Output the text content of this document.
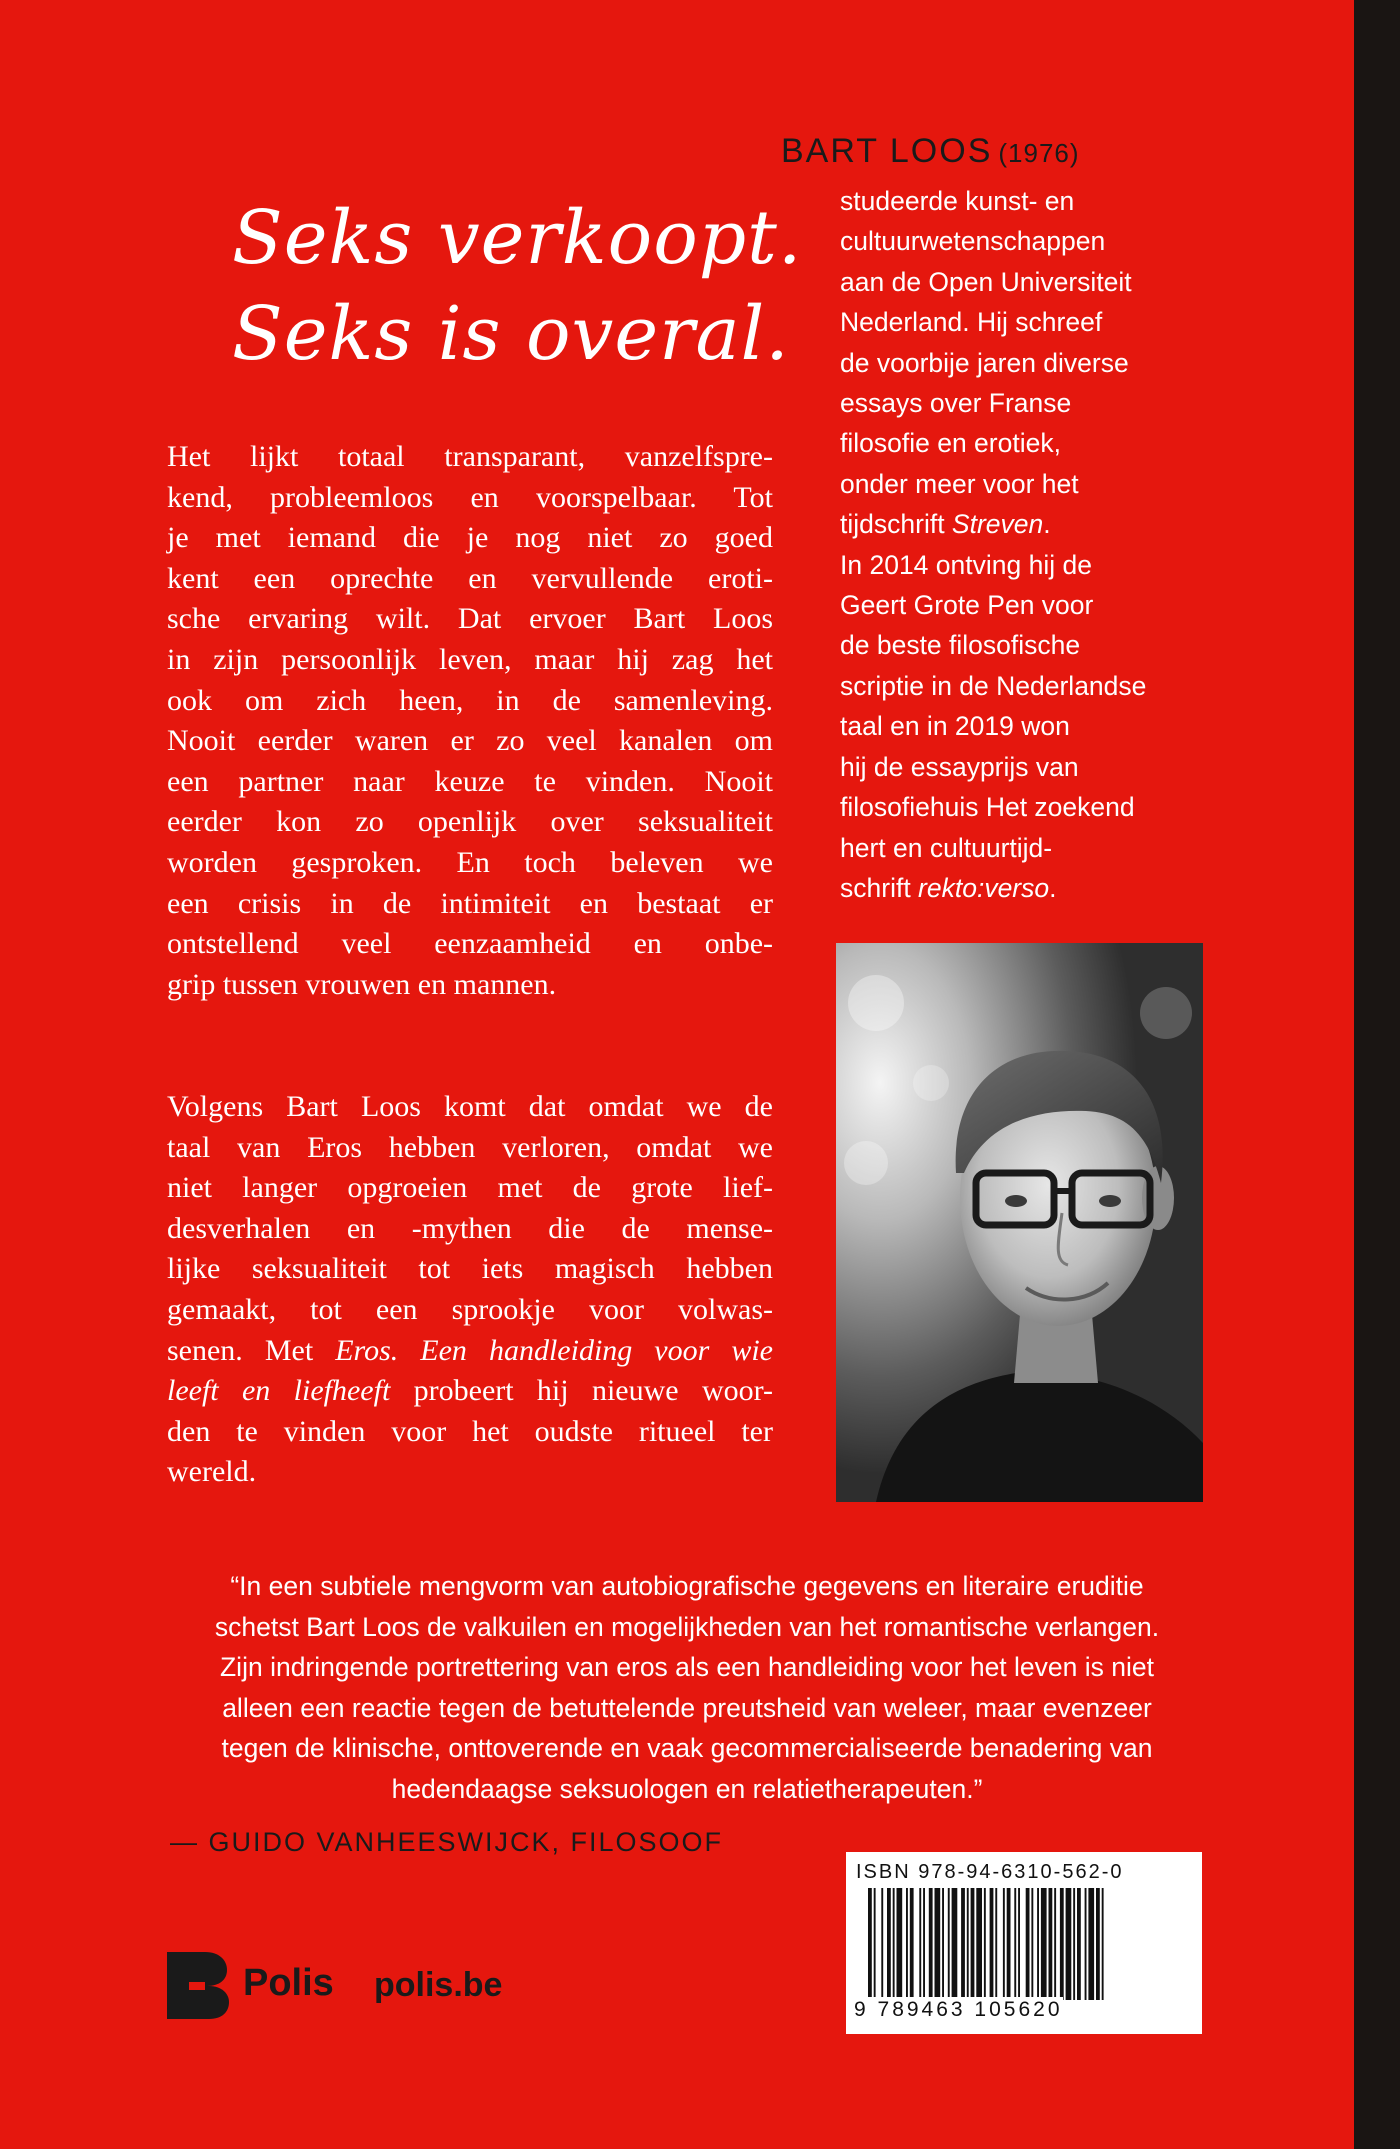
Seks verkoopt.
Seks is overal.
BART LOOS (1976)
studeerde kunst- en
cultuurwetenschappen
aan de Open Universiteit
Nederland. Hij schreef
de voorbije jaren diverse
essays over Franse
filosofie en erotiek,
onder meer voor het
tijdschrift Streven.
In 2014 ontving hij de
Geert Grote Pen voor
de beste filosofische
scriptie in de Nederlandse
taal en in 2019 won
hij de essayprijs van
filosofiehuis Het zoekend
hert en cultuurtijd-
schrift rekto:verso.
Het lijkt totaal transparant, vanzelfspre-
kend, probleemloos en voorspelbaar. Tot
je met iemand die je nog niet zo goed
kent een oprechte en vervullende eroti-
sche ervaring wilt. Dat ervoer Bart Loos
in zijn persoonlijk leven, maar hij zag het
ook om zich heen, in de samenleving.
Nooit eerder waren er zo veel kanalen om
een partner naar keuze te vinden. Nooit
eerder kon zo openlijk over seksualiteit
worden gesproken. En toch beleven we
een crisis in de intimiteit en bestaat er
ontstellend veel eenzaamheid en onbe-
grip tussen vrouwen en mannen.
Volgens Bart Loos komt dat omdat we de
taal van Eros hebben verloren, omdat we
niet langer opgroeien met de grote lief-
desverhalen en -mythen die de mense-
lijke seksualiteit tot iets magisch hebben
gemaakt, tot een sprookje voor volwas-
senen. Met Eros. Een handleiding voor wie
leeft en liefheeft probeert hij nieuwe woor-
den te vinden voor het oudste ritueel ter
wereld.
“In een subtiele mengvorm van autobiografische gegevens en literaire eruditie
schetst Bart Loos de valkuilen en mogelijkheden van het romantische verlangen.
Zijn indringende portrettering van eros als een handleiding voor het leven is niet
alleen een reactie tegen de betuttelende preutsheid van weleer, maar evenzeer
tegen de klinische, onttoverende en vaak gecommercialiseerde benadering van
hedendaagse seksuologen en relatietherapeuten.”
— GUIDO VANHEESWIJCK, FILOSOOF
Polis polis.be
ISBN 978-94-6310-562-0
9 789463 105620
